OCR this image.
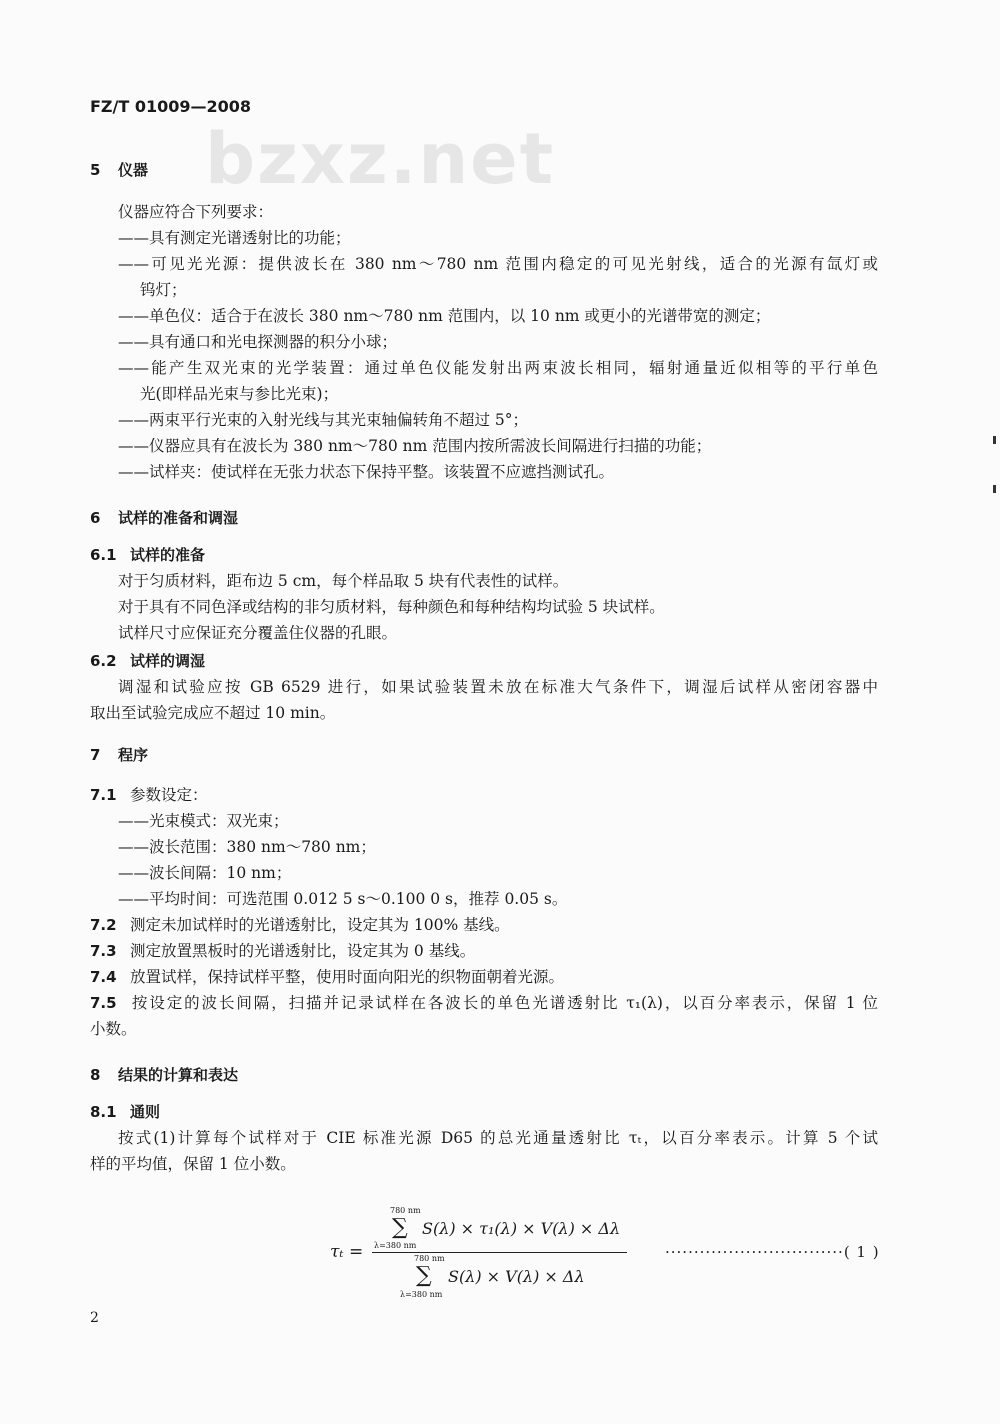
bzxz.net
FZ/T 01009—2008
5 仪器
仪器应符合下列要求：
——具有测定光谱透射比的功能；
——可见光光源：提供波长在 380 nm～780 nm 范围内稳定的可见光射线，适合的光源有氙灯或
钨灯；
——单色仪：适合于在波长 380 nm～780 nm 范围内，以 10 nm 或更小的光谱带宽的测定；
——具有通口和光电探测器的积分小球；
——能产生双光束的光学装置：通过单色仪能发射出两束波长相同，辐射通量近似相等的平行单色
光(即样品光束与参比光束)；
——两束平行光束的入射光线与其光束轴偏转角不超过 5°；
——仪器应具有在波长为 380 nm～780 nm 范围内按所需波长间隔进行扫描的功能；
——试样夹：使试样在无张力状态下保持平整。该装置不应遮挡测试孔。
6 试样的准备和调湿
6.1 试样的准备
对于匀质材料，距布边 5 cm，每个样品取 5 块有代表性的试样。
对于具有不同色泽或结构的非匀质材料，每种颜色和每种结构均试验 5 块试样。
试样尺寸应保证充分覆盖住仪器的孔眼。
6.2 试样的调湿
调湿和试验应按 GB 6529 进行，如果试验装置未放在标准大气条件下，调湿后试样从密闭容器中
取出至试验完成应不超过 10 min。
7 程序
7.1 参数设定：
——光束模式：双光束；
——波长范围：380 nm～780 nm；
——波长间隔：10 nm；
——平均时间：可选范围 0.012 5 s～0.100 0 s，推荐 0.05 s。
7.2 测定未加试样时的光谱透射比，设定其为 100% 基线。
7.3 测定放置黑板时的光谱透射比，设定其为 0 基线。
7.4 放置试样，保持试样平整，使用时面向阳光的织物面朝着光源。
7.5 按设定的波长间隔，扫描并记录试样在各波长的单色光谱透射比 τ₁(λ)，以百分率表示，保留 1 位
小数。
8 结果的计算和表达
8.1 通则
按式(1)计算每个试样对于 CIE 标准光源 D65 的总光通量透射比 τₜ，以百分率表示。计算 5 个试
样的平均值，保留 1 位小数。
τₜ =
780 nm
∑
λ=380 nm
S(λ) × τ₁(λ) × V(λ) × Δλ
780 nm
∑
λ=380 nm
S(λ) × V(λ) × Δλ
·······························( 1 )
2
